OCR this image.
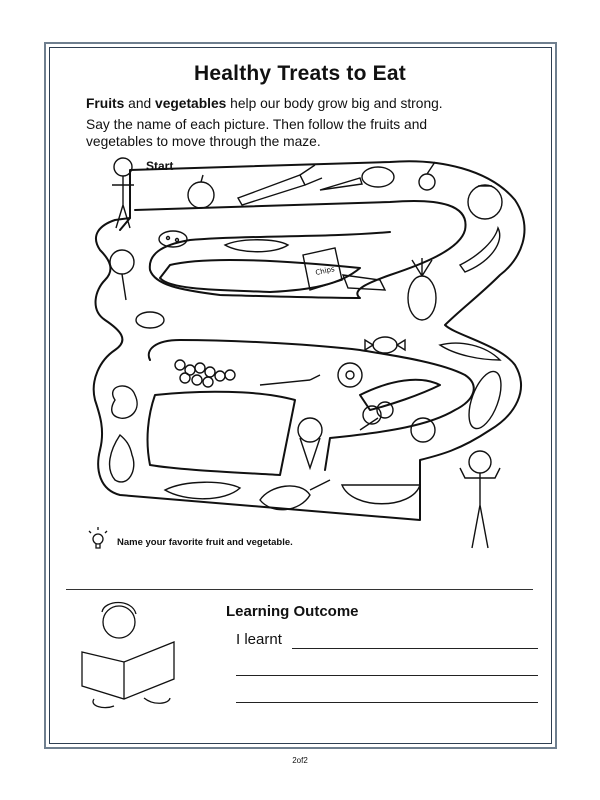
Healthy Treats to Eat
Fruits and vegetables help our body grow big and strong.
Say the name of each picture. Then follow the fruits and
vegetables to move through the maze.
Chips
Start
Name your favorite fruit and vegetable.
Learning Outcome
I learnt
2of2
